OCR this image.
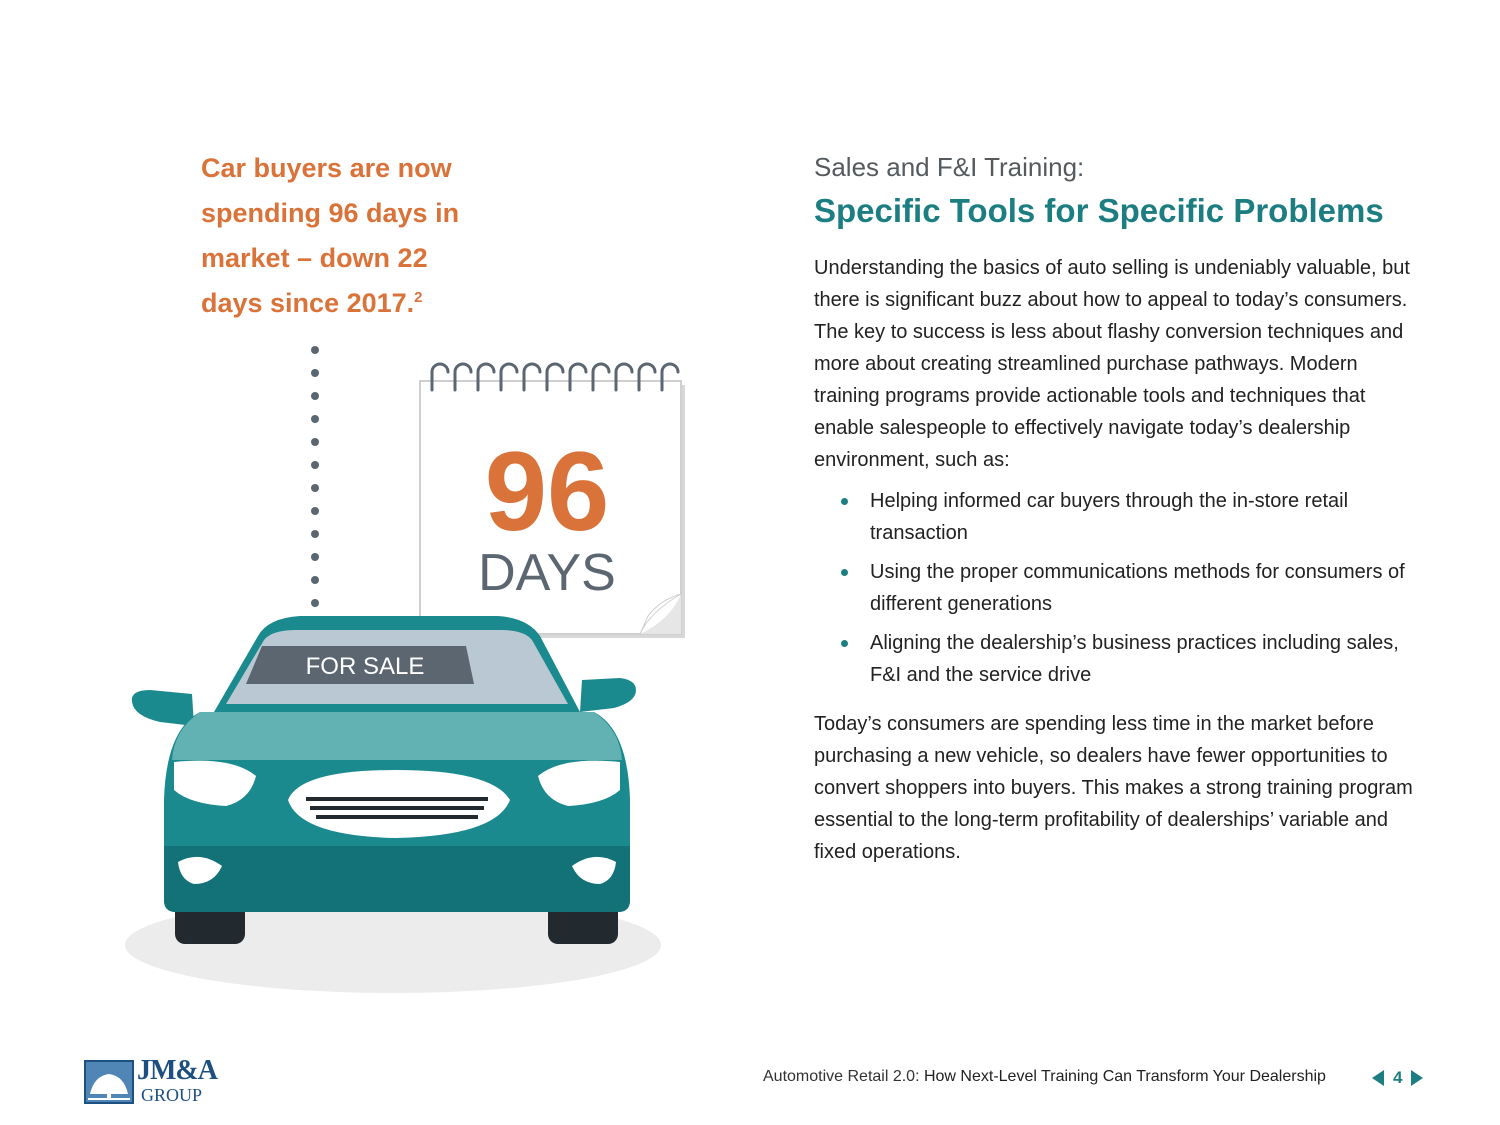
Car buyers are now
spending 96 days in
market – down 22
days since 2017.$^2$
96
DAYS
FOR SALE
Sales and F&I Training:
Specific Tools for Specific Problems
Understanding the basics of auto selling is undeniably valuable, but there is significant buzz about how to appeal to today’s consumers. The key to success is less about flashy conversion techniques and more about creating streamlined purchase pathways. Modern training programs provide actionable tools and techniques that enable salespeople to effectively navigate today’s dealership environment, such as:
Helping informed car buyers through the in-store retail transaction
Using the proper communications methods for consumers of different generations
Aligning the dealership’s business practices including sales, F&I and the service drive
Today’s consumers are spending less time in the market before purchasing a new vehicle, so dealers have fewer opportunities to convert shoppers into buyers. This makes a strong training program essential to the long-term profitability of dealerships’ variable and fixed operations.
JM&A
GROUP
Automotive Retail 2.0: How Next-Level Training Can Transform Your Dealership	4
